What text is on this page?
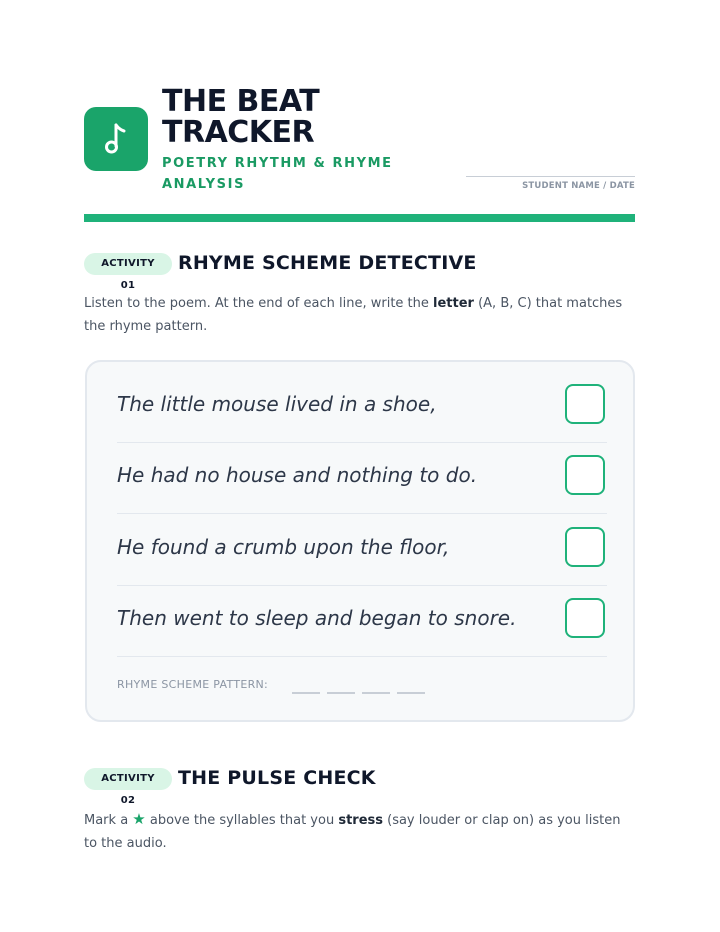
THE BEAT
TRACKER
POETRY RHYTHM & RHYME
ANALYSIS	STUDENT NAME / DATE
ACTIVITY 01
RHYME SCHEME DETECTIVE

Listen to the poem. At the end of each line, write the letter (A, B, C) that matches the rhyme pattern.

The little mouse lived in a shoe,
He had no house and nothing to do.
He found a crumb upon the floor,
Then went to sleep and began to snore.
RHYME SCHEME PATTERN:
ACTIVITY 02
THE PULSE CHECK

Mark a ★ above the syllables that you stress (say louder or clap on) as you listen to the audio.
